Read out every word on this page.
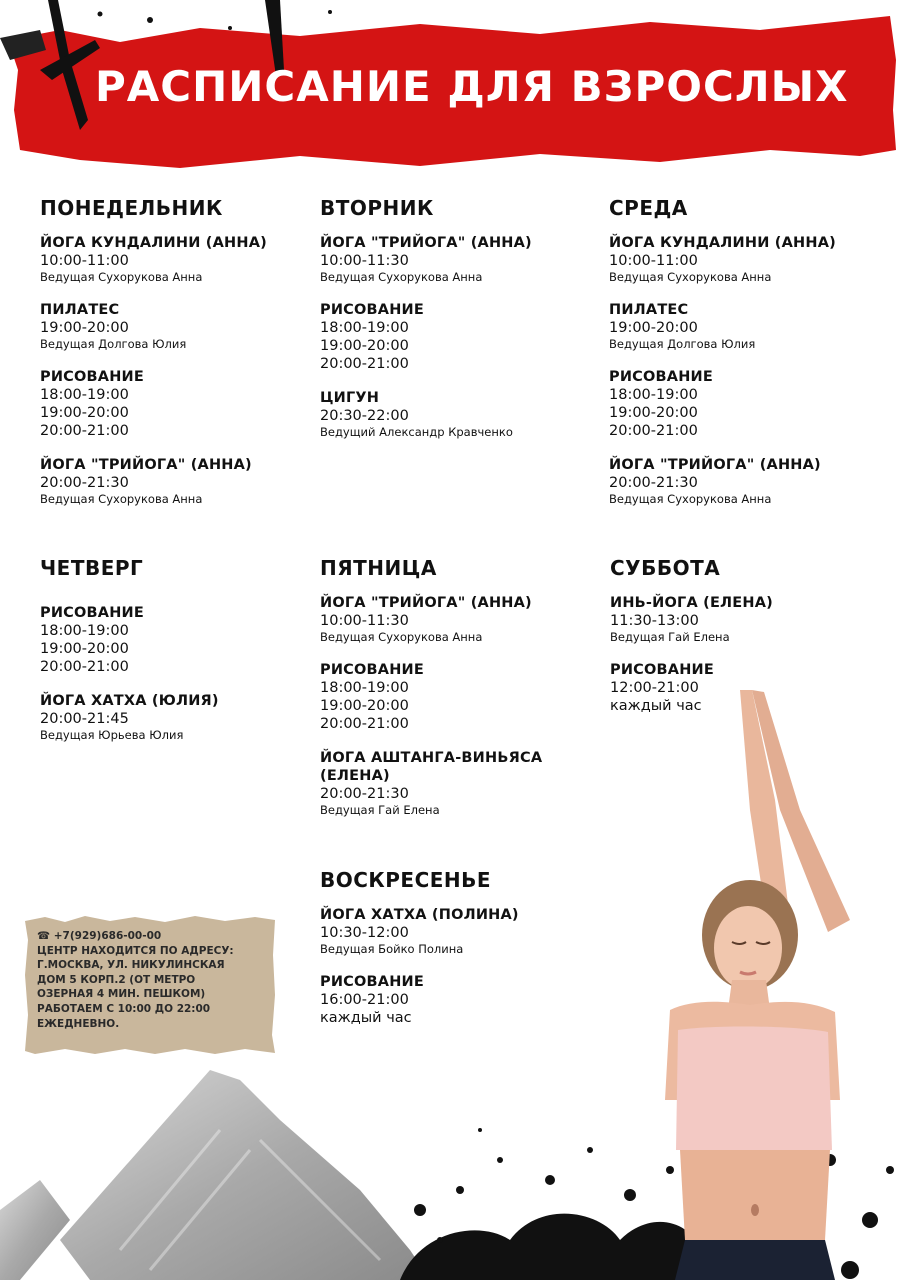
РАСПИСАНИЕ ДЛЯ ВЗРОСЛЫХ
ПОНЕДЕЛЬНИК
ЙОГА КУНДАЛИНИ (АННА)
10:00-11:00
Ведущая Сухорукова Анна
ПИЛАТЕС
19:00-20:00
Ведущая Долгова Юлия
РИСОВАНИЕ
18:00-19:00
19:00-20:00
20:00-21:00
ЙОГА "ТРИЙОГА" (АННА)
20:00-21:30
Ведущая Сухорукова Анна
ВТОРНИК
ЙОГА "ТРИЙОГА" (АННА)
10:00-11:30
Ведущая Сухорукова Анна
РИСОВАНИЕ
18:00-19:00
19:00-20:00
20:00-21:00
ЦИГУН
20:30-22:00
Ведущий Александр Кравченко
СРЕДА
ЙОГА КУНДАЛИНИ (АННА)
10:00-11:00
Ведущая Сухорукова Анна
ПИЛАТЕС
19:00-20:00
Ведущая Долгова Юлия
РИСОВАНИЕ
18:00-19:00
19:00-20:00
20:00-21:00
ЙОГА "ТРИЙОГА" (АННА)
20:00-21:30
Ведущая Сухорукова Анна
ЧЕТВЕРГ
РИСОВАНИЕ
18:00-19:00
19:00-20:00
20:00-21:00
ЙОГА ХАТХА (ЮЛИЯ)
20:00-21:45
Ведущая Юрьева Юлия
ПЯТНИЦА
ЙОГА "ТРИЙОГА" (АННА)
10:00-11:30
Ведущая Сухорукова Анна
РИСОВАНИЕ
18:00-19:00
19:00-20:00
20:00-21:00
ЙОГА АШТАНГА-ВИНЬЯСА (ЕЛЕНА)
20:00-21:30
Ведущая Гай Елена
СУББОТА
ИНЬ-ЙОГА (ЕЛЕНА)
11:30-13:00
Ведущая Гай Елена
РИСОВАНИЕ
12:00-21:00
каждый час
ВОСКРЕСЕНЬЕ
ЙОГА ХАТХА (ПОЛИНА)
10:30-12:00
Ведущая Бойко Полина
РИСОВАНИЕ
16:00-21:00
каждый час
☎ +7(929)686-00-00
ЦЕНТР НАХОДИТСЯ ПО АДРЕСУ:
Г.МОСКВА, УЛ. НИКУЛИНСКАЯ
ДОМ 5 КОРП.2 (ОТ МЕТРО
ОЗЕРНАЯ 4 МИН. ПЕШКОМ)
РАБОТАЕМ С 10:00 ДО 22:00
ЕЖЕДНЕВНО.
